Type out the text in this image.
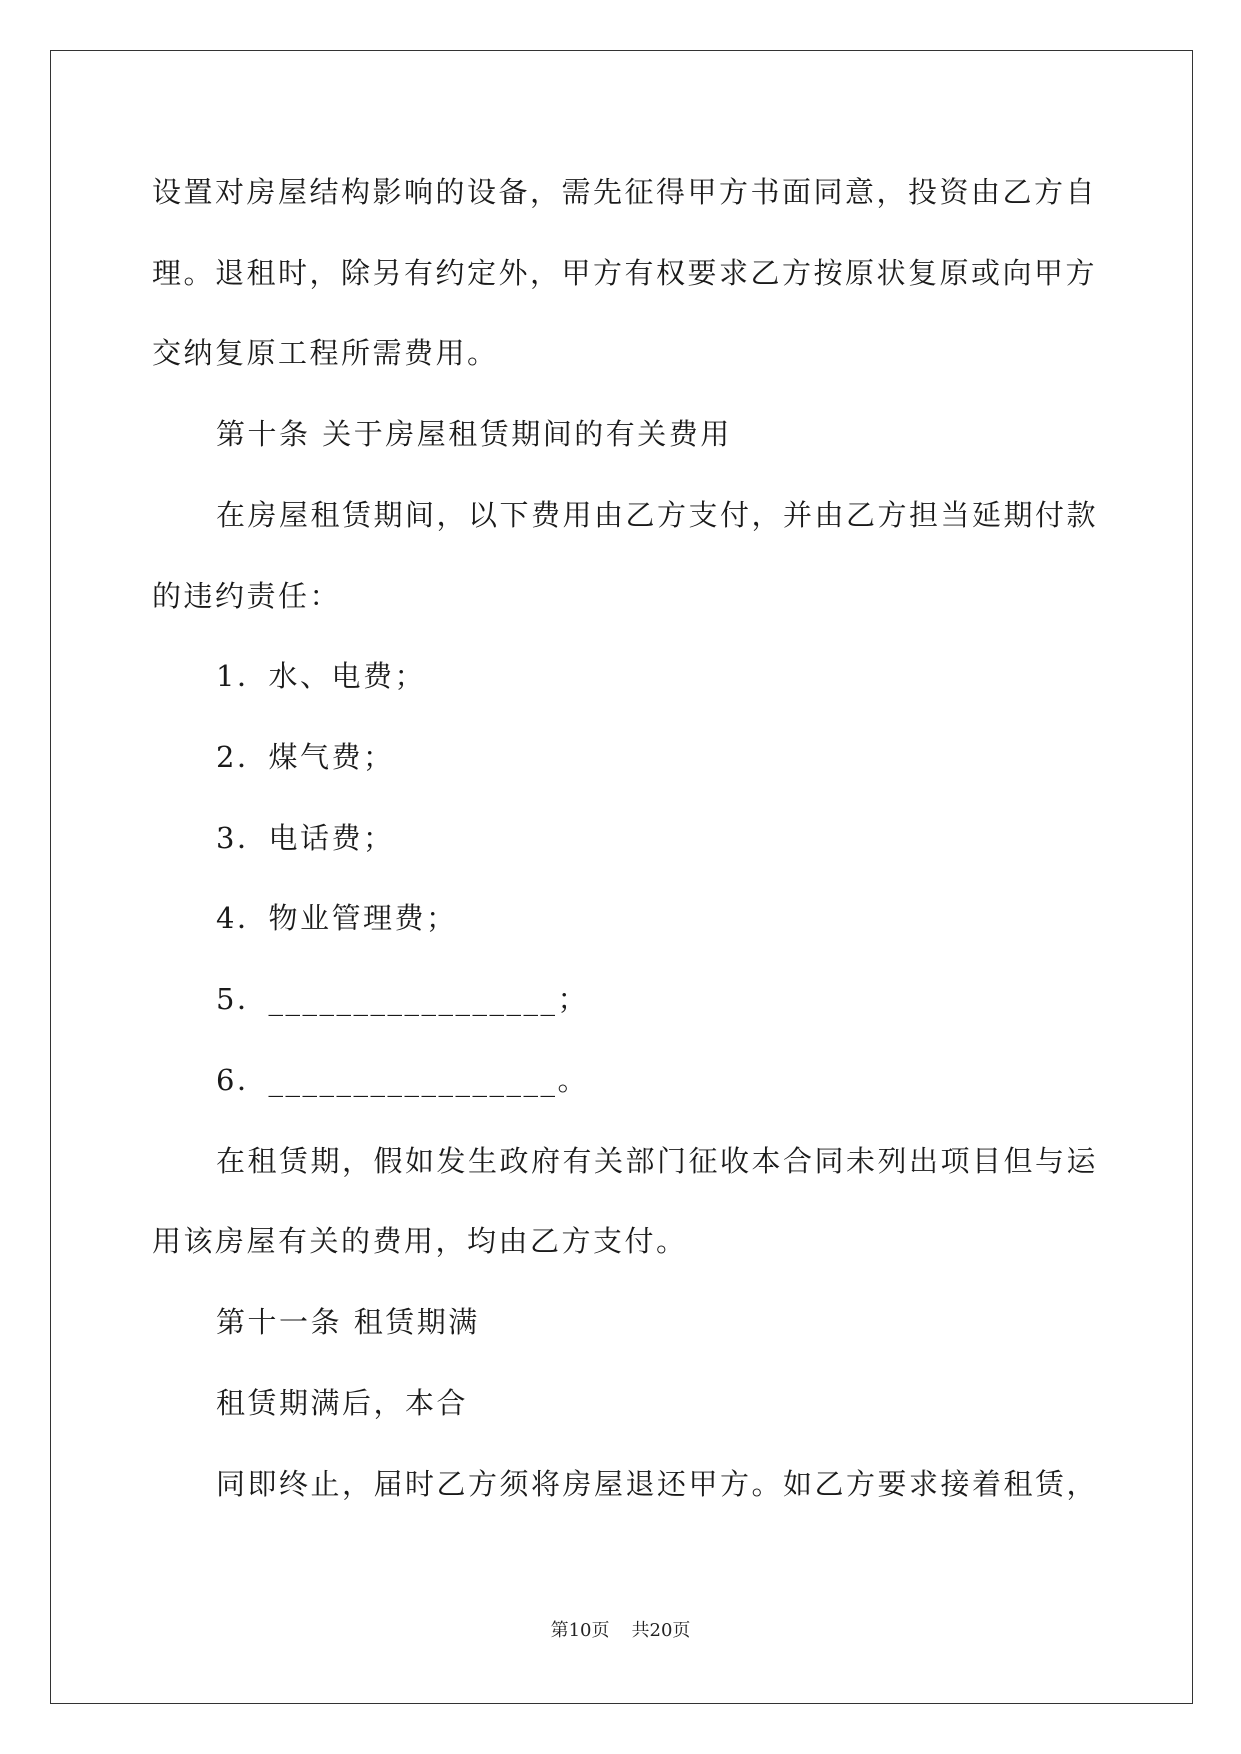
设置对房屋结构影响的设备，需先征得甲方书面同意，投资由乙方自
理。退租时，除另有约定外，甲方有权要求乙方按原状复原或向甲方
交纳复原工程所需费用。
第十条 关于房屋租赁期间的有关费用
在房屋租赁期间，以下费用由乙方支付，并由乙方担当延期付款
的违约责任：
1．水、电费；
2．煤气费；
3．电话费；
4．物业管理费；
5．_________________；
6．_________________。
在租赁期，假如发生政府有关部门征收本合同未列出项目但与运
用该房屋有关的费用，均由乙方支付。
第十一条 租赁期满
租赁期满后，本合
同即终止，届时乙方须将房屋退还甲方。如乙方要求接着租赁，
第10页 共20页
